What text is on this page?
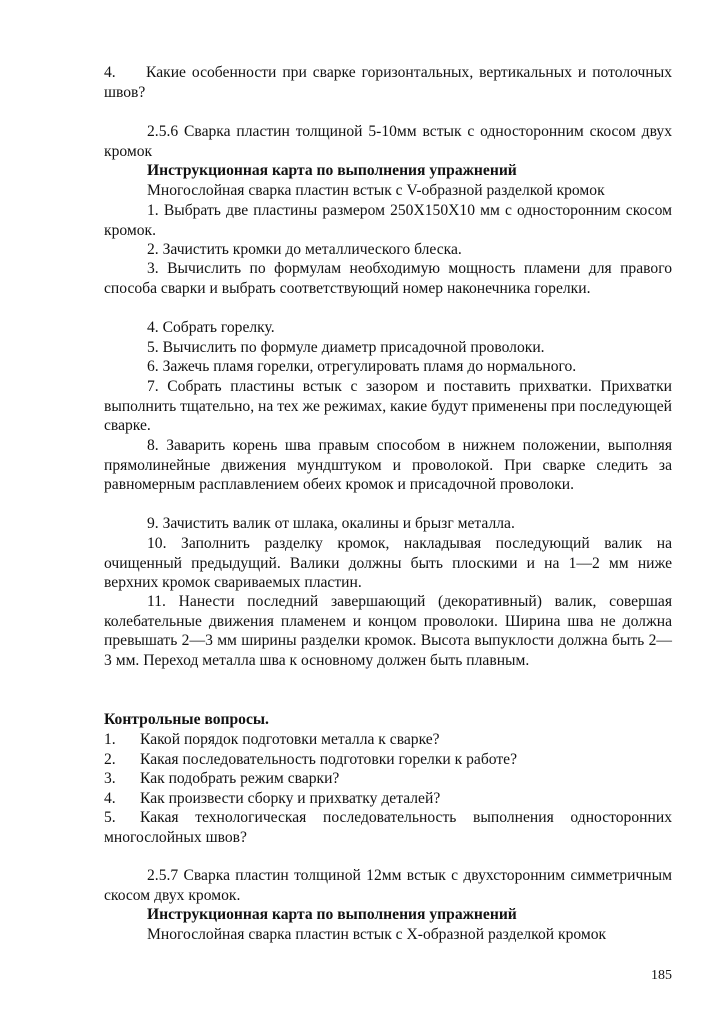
4. Какие особенности при сварке горизонтальных, вертикальных и потолочных швов?

2.5.6 Сварка пластин толщиной 5-10мм встык с односторонним скосом двух кромок

Инструкционная карта по выполнения упражнений

Многослойная сварка пластин встык с V-образной разделкой кромок

1. Выбрать две пластины размером 250Х150Х10 мм с односторонним скосом кромок.

2. Зачистить кромки до металлического блеска.

3. Вычислить по формулам необходимую мощность пламени для правого способа сварки и выбрать соответствующий номер наконечника горелки.

4. Собрать горелку.

5. Вычислить по формуле диаметр присадочной проволоки.

6. Зажечь пламя горелки, отрегулировать пламя до нормального.

7. Собрать пластины встык с зазором и поставить прихватки. Прихватки выполнить тщательно, на тех же режимах, какие будут применены при последующей сварке.

8. Заварить корень шва правым способом в нижнем положении, выполняя прямолинейные движения мундштуком и проволокой. При сварке следить за равномерным расплавлением обеих кромок и присадочной проволоки.

9. Зачистить валик от шлака, окалины и брызг металла.

10. Заполнить разделку кромок, накладывая последующий валик на очищенный предыдущий. Валики должны быть плоскими и на 1—2 мм ниже верхних кромок свариваемых пластин.

11. Нанести последний завершающий (декоративный) валик, совершая колебательные движения пламенем и концом проволоки. Ширина шва не должна превышать 2—3 мм ширины разделки кромок. Высота выпуклости должна быть 2—3 мм. Переход металла шва к основному должен быть плавным.

Контрольные вопросы.

1. Какой порядок подготовки металла к сварке?
2. Какая последовательность подготовки горелки к работе?
3. Как подобрать режим сварки?
4. Как произвести сборку и прихватку деталей?
5. Какая технологическая последовательность выполнения односторонних многослойных швов?

2.5.7 Сварка пластин толщиной 12мм встык с двухсторонним симметричным скосом двух кромок.

Инструкционная карта по выполнения упражнений

Многослойная сварка пластин встык с Х-образной разделкой кромок

185
